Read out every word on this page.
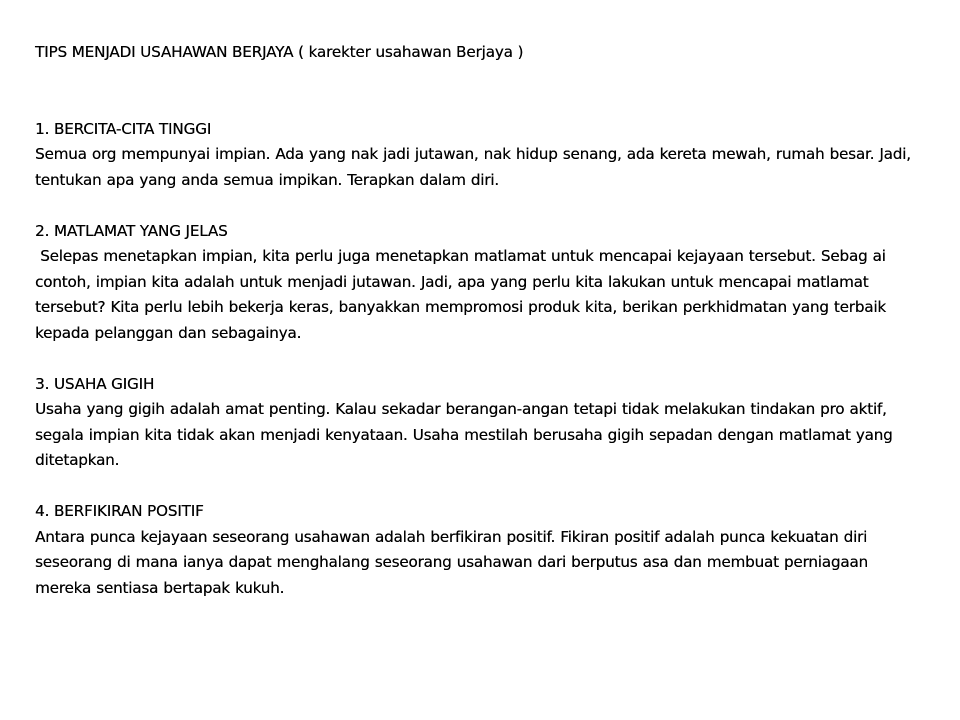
TIPS MENJADI USAHAWAN BERJAYA ( karekter usahawan Berjaya )
1. BERCITA-CITA TINGGI

Semua org mempunyai impian. Ada yang nak jadi jutawan, nak hidup senang, ada kereta mewah, rumah besar. Jadi, tentukan apa yang anda semua impikan. Terapkan dalam diri.

2. MATLAMAT YANG JELAS

Selepas menetapkan impian, kita perlu juga menetapkan matlamat untuk mencapai kejayaan tersebut. Sebag ai contoh, impian kita adalah untuk menjadi jutawan. Jadi, apa yang perlu kita lakukan untuk mencapai matlamat tersebut? Kita perlu lebih bekerja keras, banyakkan mempromosi produk kita, berikan perkhidmatan yang terbaik kepada pelanggan dan sebagainya.

3. USAHA GIGIH

Usaha yang gigih adalah amat penting. Kalau sekadar berangan-angan tetapi tidak melakukan tindakan pro aktif, segala impian kita tidak akan menjadi kenyataan. Usaha mestilah berusaha gigih sepadan dengan matlamat yang ditetapkan.

4. BERFIKIRAN POSITIF

Antara punca kejayaan seseorang usahawan adalah berfikiran positif. Fikiran positif adalah punca kekuatan diri seseorang di mana ianya dapat menghalang seseorang usahawan dari berputus asa dan membuat perniagaan mereka sentiasa bertapak kukuh.
